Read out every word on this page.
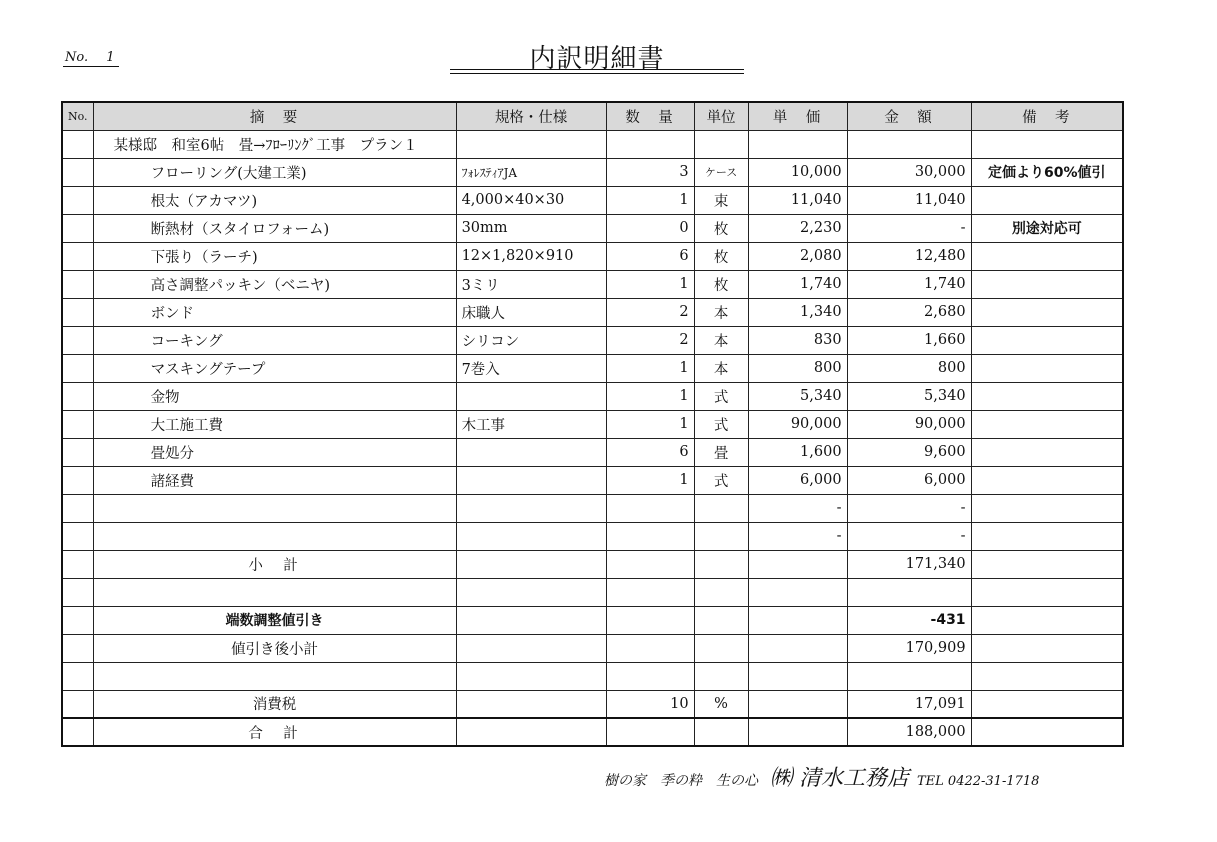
No. 1	内訳明細書
No.	摘　要	規格・仕様	数　量	単位	単　価	金　額	備　考
	某様邸　和室6帖　畳→ﾌﾛｰﾘﾝｸﾞ工事　プラン１						
	フローリング(大建工業)	ﾌｫﾚｽﾃｨｱJA	3	ケース	10,000	30,000	定価より60%値引
	根太（アカマツ)	4,000×40×30	1	束	11,040	11,040	
	断熱材（スタイロフォーム)	30mm	0	枚	2,230	-	別途対応可
	下張り（ラーチ)	12×1,820×910	6	枚	2,080	12,480	
	高さ調整パッキン（ベニヤ)	3ミリ	1	枚	1,740	1,740	
	ボンド	床職人	2	本	1,340	2,680	
	コーキング	シリコン	2	本	830	1,660	
	マスキングテープ	7巻入	1	本	800	800	
	金物		1	式	5,340	5,340	
	大工施工費	木工事	1	式	90,000	90,000	
	畳処分		6	畳	1,600	9,600	
	諸経費		1	式	6,000	6,000	
					-	-	
					-	-	
	小　計					171,340	

	端数調整値引き					-431	
	値引き後小計					170,909	

	消費税		10	%		17,091	
	合　計					188,000	
樹の家　季の粋　生の心 ㈱ 清水工務店 TEL 0422-31-1718
